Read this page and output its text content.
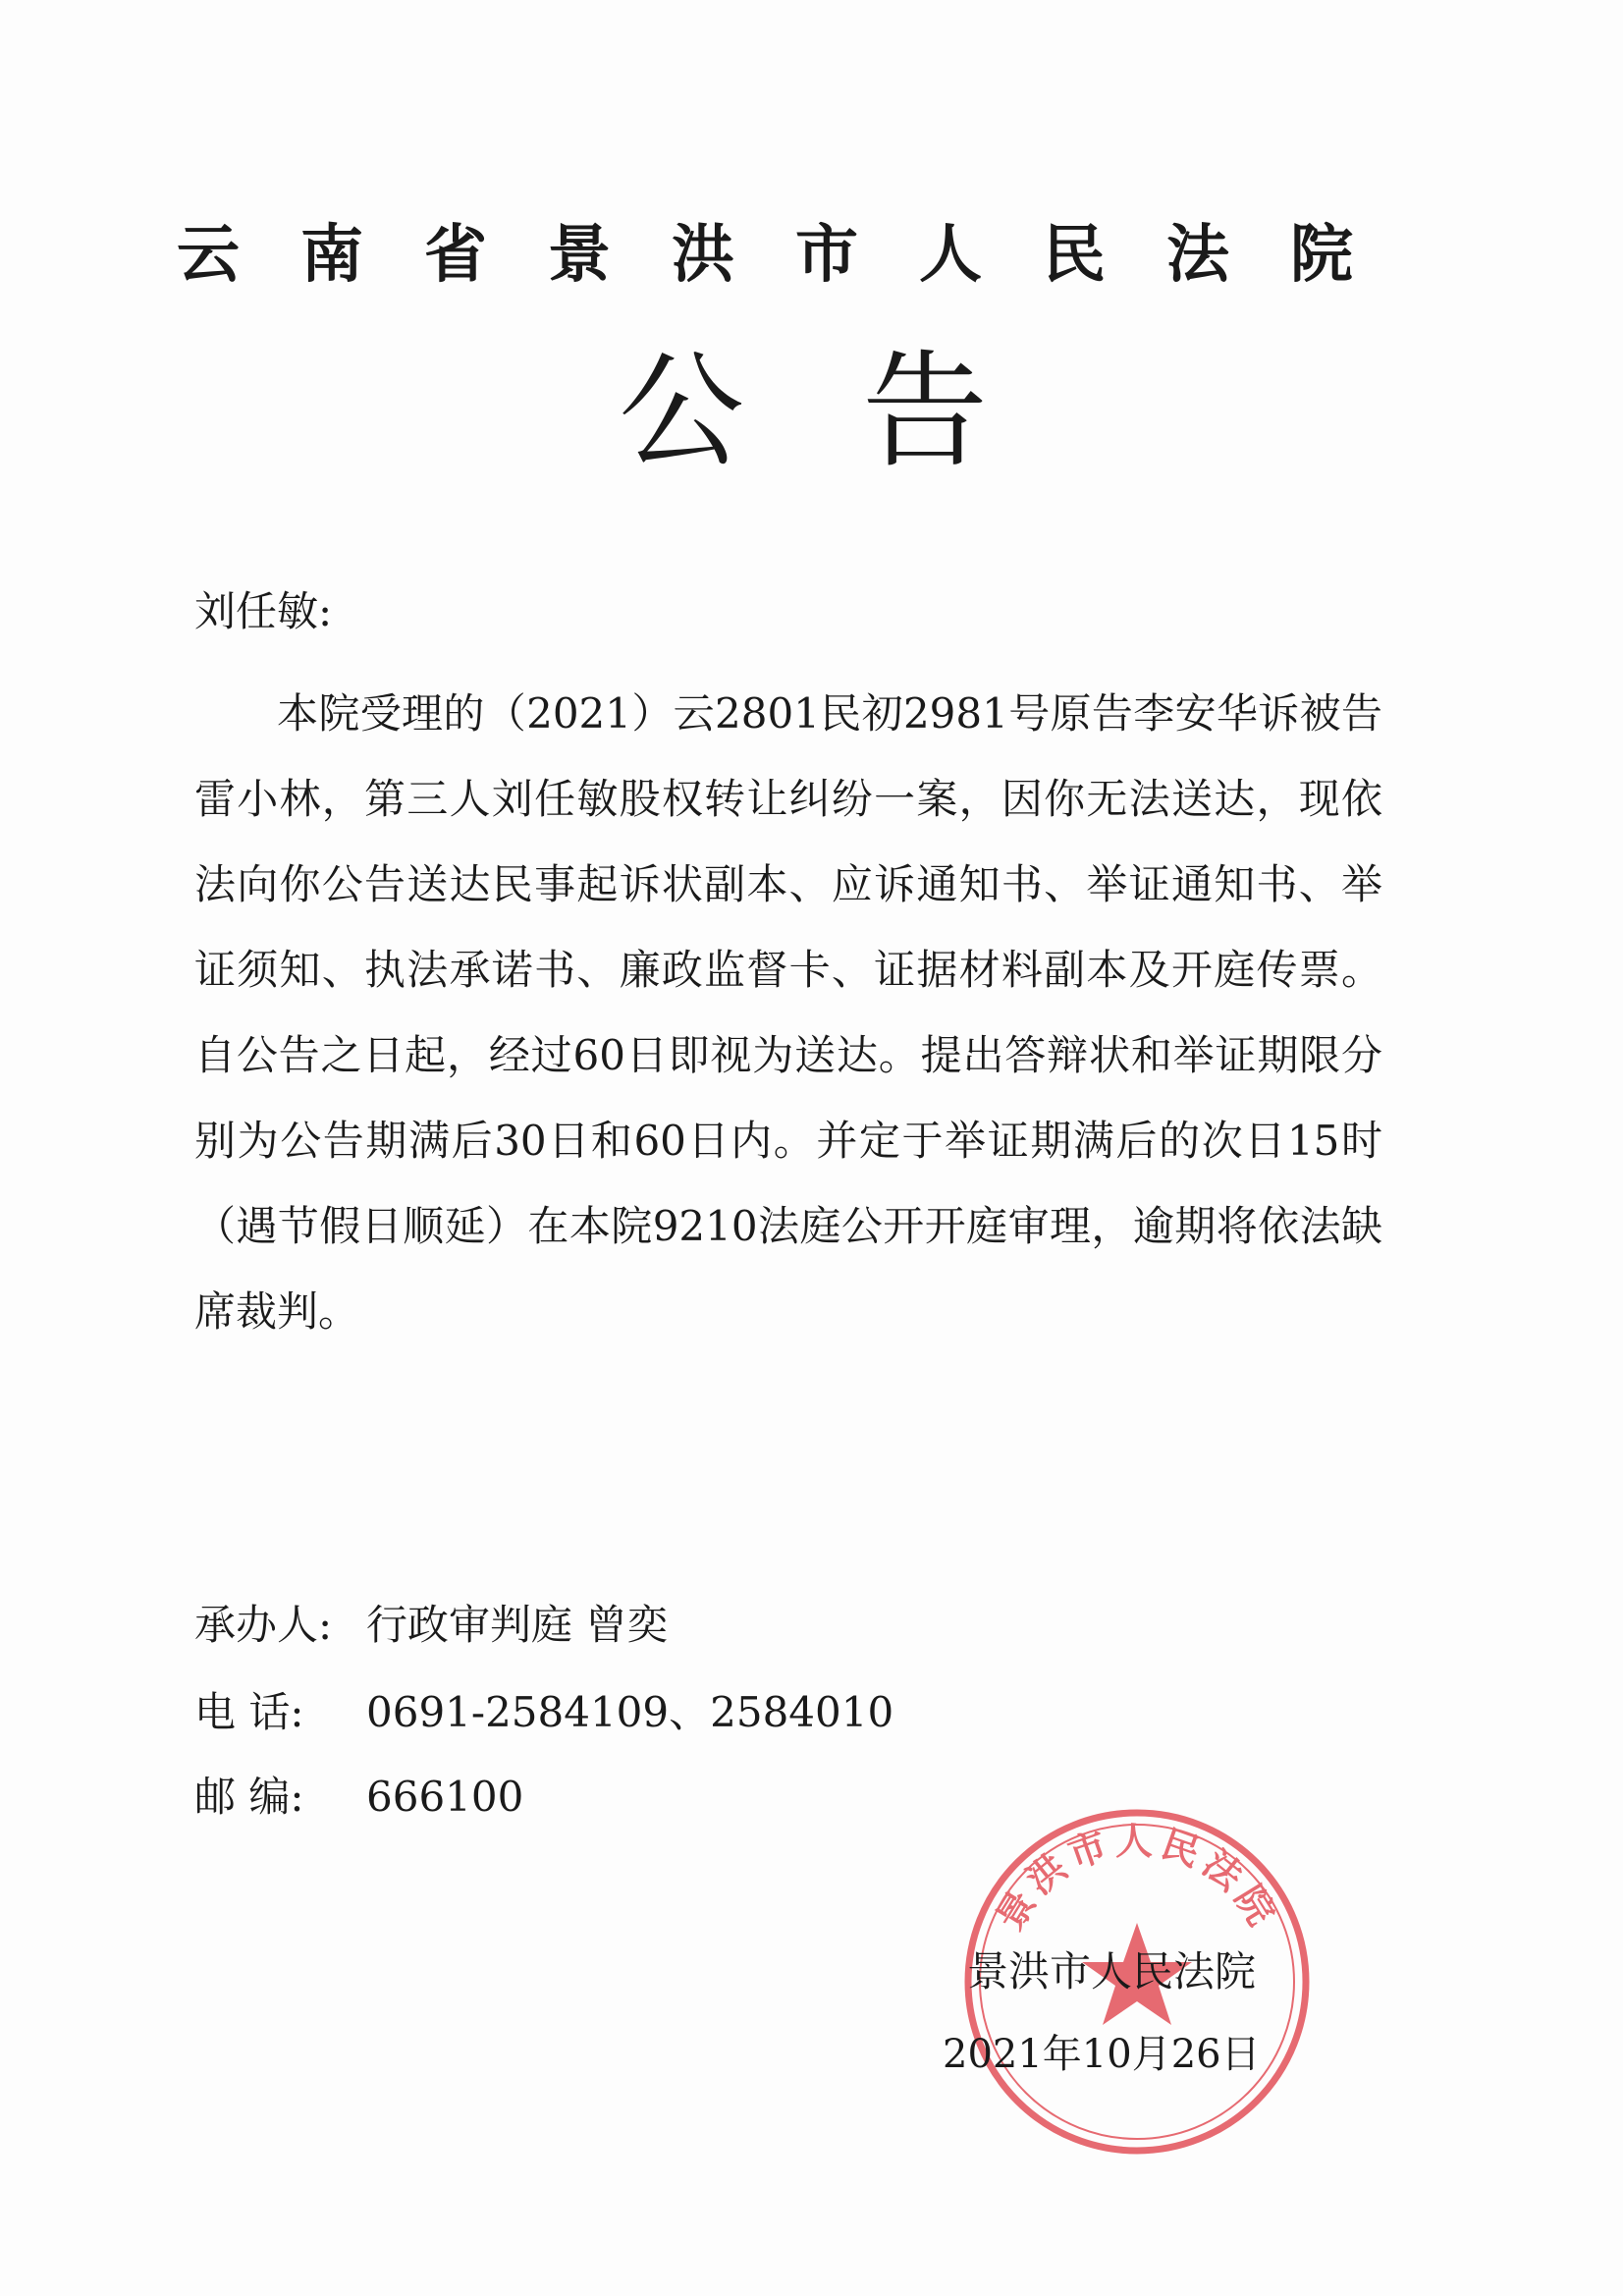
云南省景洪市人民法院
公告
刘任敏:

本院受理的（2021）云2801民初2981号原告李安华诉被告雷小林，第三人刘任敏股权转让纠纷一案，因你无法送达，现依法向你公告送达民事起诉状副本、应诉通知书、举证通知书、举证须知、执法承诺书、廉政监督卡、证据材料副本及开庭传票。自公告之日起，经过60日即视为送达。提出答辩状和举证期限分别为公告期满后30日和60日内。并定于举证期满后的次日15时（遇节假日顺延）在本院9210法庭公开开庭审理，逾期将依法缺席裁判。

承办人: 行政审判庭 曾奕
电 话: 0691-2584109、2584010
邮 编: 666100
景洪市人民法院
景洪市人民法院
2021年10月26日
